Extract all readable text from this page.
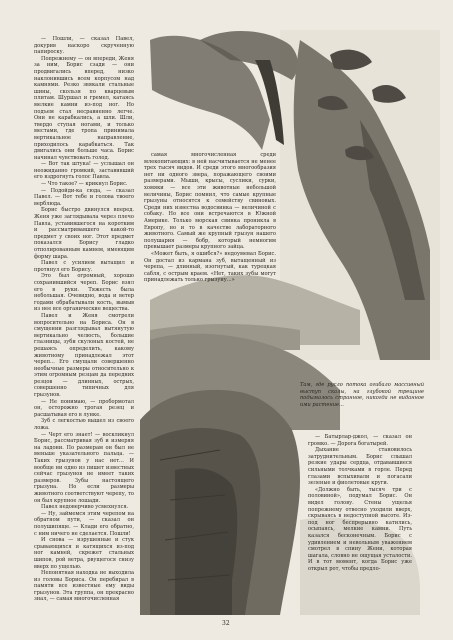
— Пошли, — сказал Павел, докурив наскоро скрученную папироску.

Попрежнему — он впереди, Женя за ним, Борис сзади — они продвигались вперед, низко наклонившись всем корпусом над камнями. Резко звякали стальные шины, скользя по кварцевым плитам. Шуршал и гремел, катаясь мелкие камни из-под ног. Но подъем стал несравненно легче. Они не карабкались, а шли. Шли, твердо ступая ногами, и только местами, где тропа принимала вертикальное направление, приходилось карабкаться. Так двигались они больше часа. Борис начинал чувствовать голод.

— Вот так штука! — услышал он неожиданно громкий, заставивший его вздрогнуть голос Павла.

— Что такое? — крикнул Борис.

— Подойди-ка сюда, — сказал Павел. — Вот тебе и голова твоего верблюда.

Борис быстро двинулся вперед. Женя уже заглядывала через плечо Павла, уставившегося на коротким и рассматривавшего какой-то предмет у своих ног. Этот предмет показался Борису гладко отполированным камнем, имеющим форму шара.

Павел с усилием вытащил и протянул его Борису.

Это был огромный, хорошо сохранившийся череп. Борис взял его в руки. Тяжесть была небольшая. Очевидно, вода и ветер годами обрабатывали кость, вымыв из нее все органические вещества.

Павел и Женя смотрели вопросительно на Бориса. Он в смущении разглядывал вытянутую вертикально челюсть, большие глазницы, зуби скулоных костей, не решаясь определить, какому животному принадлежал этот череп... Его смущали совершенно необычные размеры относительно к этим огромным резцам да передних резцов — длинных, острых, совершенно типичных для грызунов.

— Не понимаю, — пробормотал он, осторожно трогая резец и расшатывая его в лунке.

Зуб с легкостью вышел из своего ложа.

— Черт его знает! — воскликнул Борис, рассматривая зуб и измеряя на ладони. По размерам он был не меньше указательного пальца. — Таких грызунов у нас нет... И вообще ни одно из пишет известных сейчас грызунов не имеет таких размеров. Зубы настоящего грызуна. Но если размеры животного соответствуют черепу, то он был крупное лошади.

Павел недоверчиво усмехнулся.

— Ну, займемся этим черепом на обратном пути, — сказал он полушипяще. — Клади его обратно, с ним ничего не сделается. Пошли!

И снова — изрушенные и стук срывающихся и катящихся из-под ног камней, скрежет стальных шипов, рой ветра, рвущегося снизу вверх по ущелью.

Непонятная находка не выходила из головы Бориса. Он перебирал в памяти все известные ему виды грызунов. Эта группа, он прекрасно знал, — самая многочисленная

самая многочисленная среди млекопитающих: в ней насчитывается не менее трех тысяч видов. И среди этого многообразия нет ни одного звера, поражающего своими размерами. Мыши, крысы, суслики, сурки, хомяки — все эти животные небольшой величины, Борис помнил, что самые крупные грызуны относятся к семейству свиновых. Среди них известна водосвинка — величиной с собаку. Но все они встречаются в Южной Америке. Только морская свинка проникла в Европу, но и то в качестве лабораторного животного. Самый же крупный грызун нашего полушария — бобр, который немногим превышает размеры крупного зайца.

«Может быть, я ошибся?» недоумевал Борис. Он достал из кармана зуб, вытащенный из черепа, — длинный, изогнутый, как турецкая сабля, с острым краем. «Нет, таких зубы могут принадлежать только грызуну...»

Там, где русло потока огибало массивный выступ скалы, на глубокой трещине подымалось странное, никогда не виданное ими растение...

— Батырлар-джол, — сказал он громко. — Дорога богатырей.

Дыхание становилось затруднительным. Борис слышал резкие удары сердца, отдававшиеся сильными толчками в горле. Перед глазами вспыхивали и погасали зеленые и фиолетовые круги.

«Должно быть, тысяч три с половиной», подумал Борис. Он видел голову. Стены ущелья попрежнему отвесно уходили вверх, скрываясь в недоступной высоте. Из-под ног беспрерывно катились, осыпаясь, мелкие камни. Путь казался бесконечным. Борис с удивлением и невольным уважением смотрел в спину Жени, которая шагала, словно не ощущая усталости. И в тот момент, когда Борис уже открыл рот, чтобы предло-

32
